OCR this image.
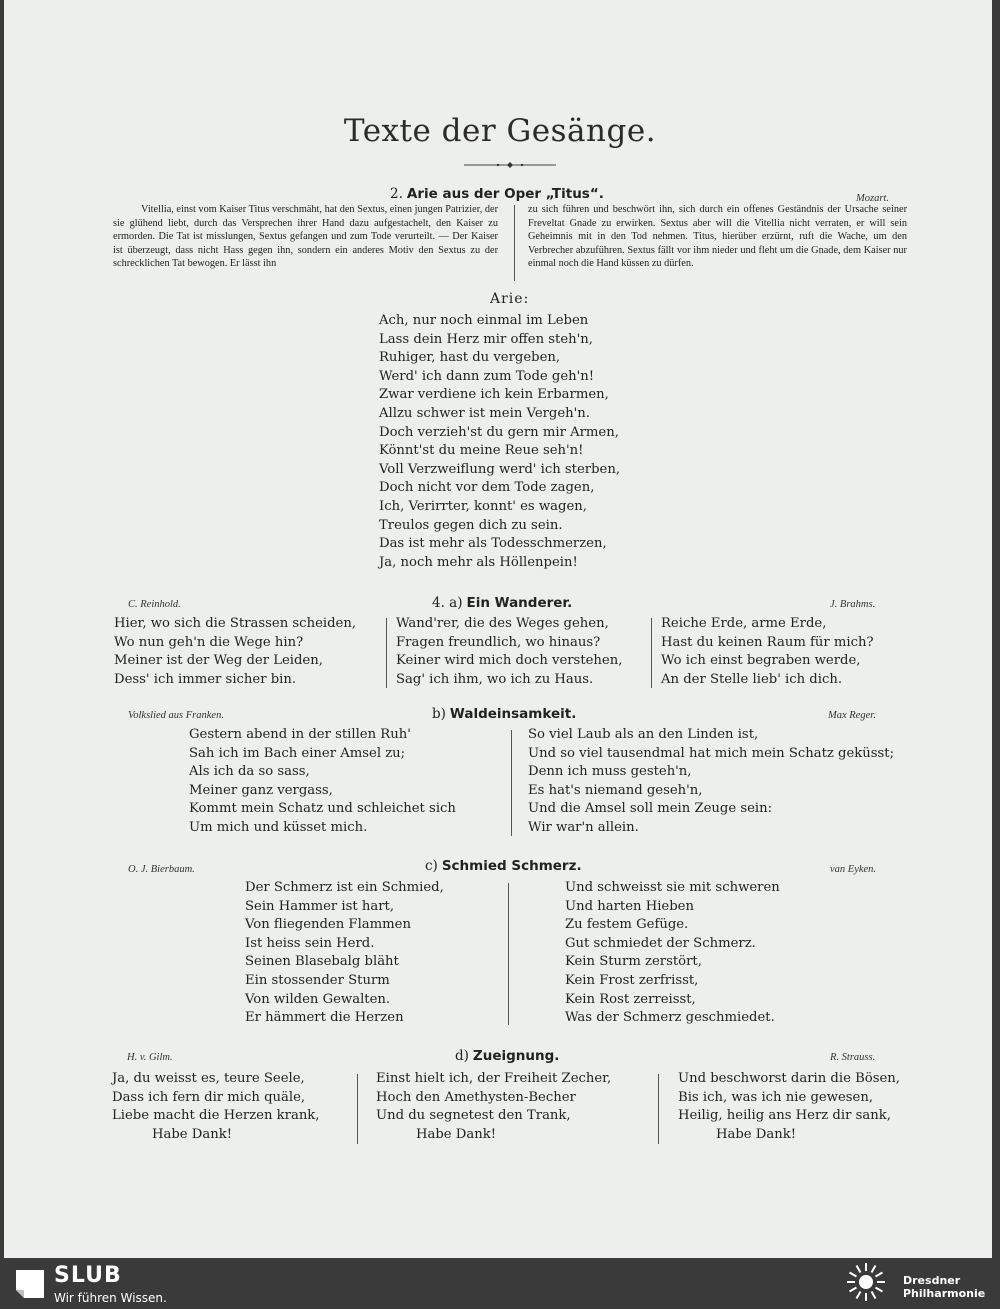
Texte der Gesänge.
2. Arie aus der Oper „Titus“.	Mozart.
Vitellia, einst vom Kaiser Titus verschmäht, hat den Sextus, einen jungen Patrizier, der sie glühend liebt, durch das Versprechen ihrer Hand dazu aufgestachelt, den Kaiser zu ermorden. Die Tat ist misslungen, Sextus gefangen und zum Tode verurteilt. — Der Kaiser ist überzeugt, dass nicht Hass gegen ihn, sondern ein anderes Motiv den Sextus zu der schrecklichen Tat bewogen. Er lässt ihn
zu sich führen und beschwört ihn, sich durch ein offenes Geständnis der Ursache seiner Freveltat Gnade zu erwirken. Sextus aber will die Vitellia nicht verraten, er will sein Geheimnis mit in den Tod nehmen. Titus, hierüber erzürnt, ruft die Wache, um den Verbrecher abzuführen. Sextus fällt vor ihm nieder und fleht um die Gnade, dem Kaiser nur einmal noch die Hand küssen zu dürfen.
Arie:
Ach, nur noch einmal im Leben
Lass dein Herz mir offen steh'n,
Ruhiger, hast du vergeben,
Werd' ich dann zum Tode geh'n!
Zwar verdiene ich kein Erbarmen,
Allzu schwer ist mein Vergeh'n.
Doch verzieh'st du gern mir Armen,
Könnt'st du meine Reue seh'n!
Voll Verzweiflung werd' ich sterben,
Doch nicht vor dem Tode zagen,
Ich, Verirrter, konnt' es wagen,
Treulos gegen dich zu sein.
Das ist mehr als Todesschmerzen,
Ja, noch mehr als Höllenpein!
C. Reinhold.	4. a) Ein Wanderer.	J. Brahms.
Hier, wo sich die Strassen scheiden,
Wo nun geh'n die Wege hin?
Meiner ist der Weg der Leiden,
Dess' ich immer sicher bin.
Wand'rer, die des Weges gehen,
Fragen freundlich, wo hinaus?
Keiner wird mich doch verstehen,
Sag' ich ihm, wo ich zu Haus.
Reiche Erde, arme Erde,
Hast du keinen Raum für mich?
Wo ich einst begraben werde,
An der Stelle lieb' ich dich.
Volkslied aus Franken.	b) Waldeinsamkeit.	Max Reger.
Gestern abend in der stillen Ruh'
Sah ich im Bach einer Amsel zu;
Als ich da so sass,
Meiner ganz vergass,
Kommt mein Schatz und schleichet sich
Um mich und küsset mich.
So viel Laub als an den Linden ist,
Und so viel tausendmal hat mich mein Schatz geküsst;
Denn ich muss gesteh'n,
Es hat's niemand geseh'n,
Und die Amsel soll mein Zeuge sein:
Wir war'n allein.
O. J. Bierbaum.	c) Schmied Schmerz.	van Eyken.
Der Schmerz ist ein Schmied,
Sein Hammer ist hart,
Von fliegenden Flammen
Ist heiss sein Herd.
Seinen Blasebalg bläht
Ein stossender Sturm
Von wilden Gewalten.
Er hämmert die Herzen
Und schweisst sie mit schweren
Und harten Hieben
Zu festem Gefüge.
Gut schmiedet der Schmerz.
Kein Sturm zerstört,
Kein Frost zerfrisst,
Kein Rost zerreisst,
Was der Schmerz geschmiedet.
H. v. Gilm.	d) Zueignung.	R. Strauss.
Ja, du weisst es, teure Seele,
Dass ich fern dir mich quäle,
Liebe macht die Herzen krank,
Habe Dank!
Einst hielt ich, der Freiheit Zecher,
Hoch den Amethysten-Becher
Und du segnetest den Trank,
Habe Dank!
Und beschworst darin die Bösen,
Bis ich, was ich nie gewesen,
Heilig, heilig ans Herz dir sank,
Habe Dank!
SLUB
Wir führen Wissen.
Dresdner
Philharmonie
